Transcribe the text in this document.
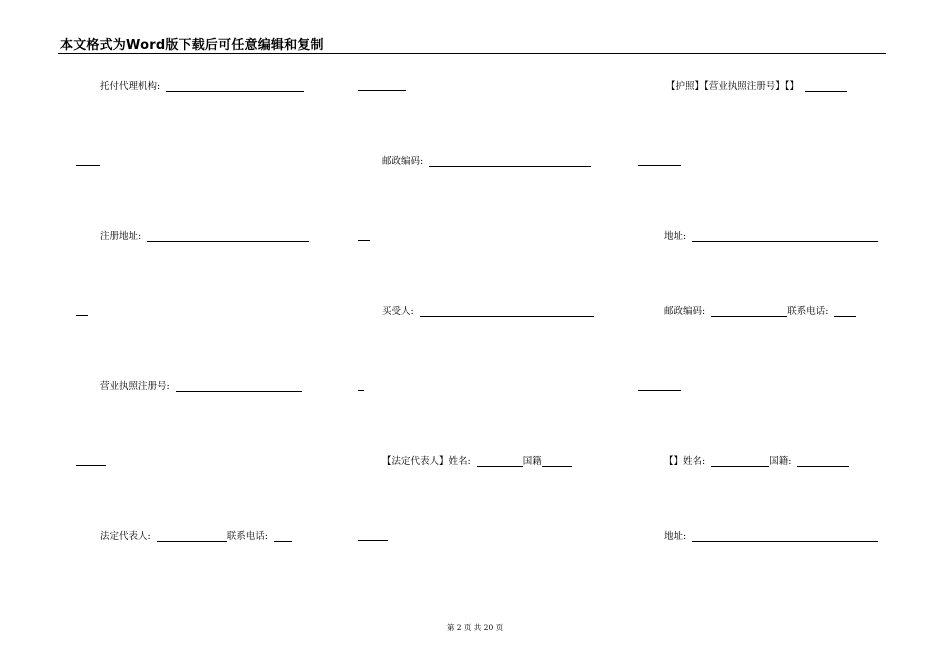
本文格式为Word版下载后可任意编辑和复制
托付代理机构:
注册地址:
营业执照注册号:
法定代表人:	联系电话:
邮政编码:
买受人:
【法定代表人】姓名:	国籍
【护照】【营业执照注册号】【】
地址:
邮政编码:	联系电话:
【】姓名:	国籍:
地址:
第 2 页 共 20 页
